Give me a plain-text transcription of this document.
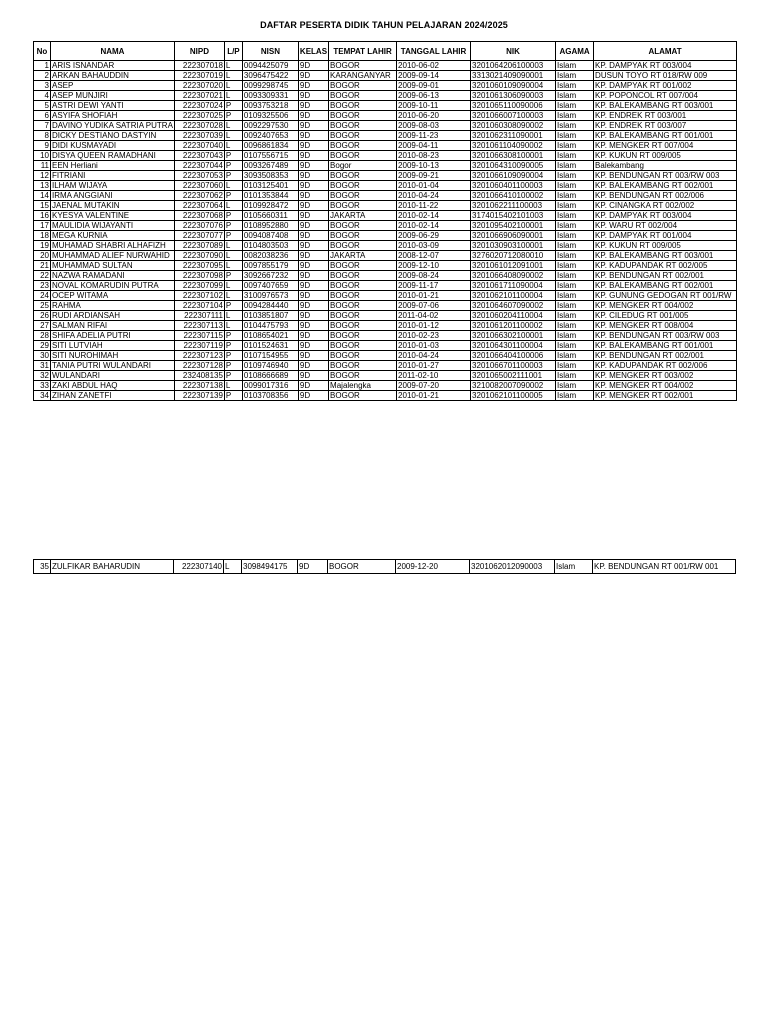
DAFTAR PESERTA DIDIK TAHUN PELAJARAN 2024/2025
No	NAMA	NIPD	L/P	NISN	KELAS	TEMPAT LAHIR	TANGGAL LAHIR	NIK	AGAMA	ALAMAT
1	ARIS ISNANDAR	222307018	L	0094425079	9D	BOGOR	2010-06-02	3201064206100003	Islam	KP. DAMPYAK RT 003/004
2	ARKAN BAHAUDDIN	222307019	L	3096475422	9D	KARANGANYAR	2009-09-14	3313021409090001	Islam	DUSUN TOYO RT 018/RW 009
3	ASEP	222307020	L	0099298745	9D	BOGOR	2009-09-01	3201060109090004	Islam	KP. DAMPYAK RT 001/002
4	ASEP MUNJIRI	222307021	L	0093309331	9D	BOGOR	2009-06-13	3201061306090003	Islam	KP. POPONCOL RT 007/004
5	ASTRI DEWI YANTI	222307024	P	0093753218	9D	BOGOR	2009-10-11	3201065110090006	Islam	KP. BALEKAMBANG RT 003/001
6	ASYIFA SHOFIAH	222307025	P	0109325506	9D	BOGOR	2010-06-20	3201066007100003	Islam	KP. ENDREK RT 003/001
7	DAVINO YUDIKA SATRIA PUTRA	222307028	L	0092297530	9D	BOGOR	2009-08-03	3201060308090002	Islam	KP. ENDREK RT 003/007
8	DICKY DESTIANO DASTYIN	222307039	L	0092407653	9D	BOGOR	2009-11-23	3201062311090001	Islam	KP. BALEKAMBANG RT 001/001
9	DIDI KUSMAYADI	222307040	L	0096861834	9D	BOGOR	2009-04-11	3201061104090002	Islam	KP. MENGKER RT 007/004
10	DISYA QUEEN RAMADHANI	222307043	P	0107556715	9D	BOGOR	2010-08-23	3201066308100001	Islam	KP. KUKUN RT 009/005
11	EEN Herliani	222307044	P	0093267489	9D	Bogor	2009-10-13	3201064310090005	Islam	Balekambang
12	FITRIANI	222307053	P	3093508353	9D	BOGOR	2009-09-21	3201066109090004	Islam	KP. BENDUNGAN RT 003/RW 003
13	ILHAM WIJAYA	222307060	L	0103125401	9D	BOGOR	2010-01-04	3201060401100003	Islam	KP. BALEKAMBANG RT 002/001
14	IRMA ANGGIANI	222307062	P	0101353844	9D	BOGOR	2010-04-24	3201066410100002	Islam	KP. BENDUNGAN RT 002/006
15	JAENAL MUTAKIN	222307064	L	0109928472	9D	BOGOR	2010-11-22	3201062211100003	Islam	KP. CINANGKA RT 002/002
16	KYESYA VALENTINE	222307068	P	0105660311	9D	JAKARTA	2010-02-14	3174015402101003	Islam	KP. DAMPYAK RT 003/004
17	MAULIDIA WIJAYANTI	222307076	P	0108952880	9D	BOGOR	2010-02-14	3201095402100001	Islam	KP. WARU RT 002/004
18	MEGA KURNIA	222307077	P	0094087408	9D	BOGOR	2009-06-29	3201066906090001	Islam	KP. DAMPYAK RT 001/004
19	MUHAMAD SHABRI ALHAFIZH	222307089	L	0104803503	9D	BOGOR	2010-03-09	3201030903100001	Islam	KP. KUKUN RT 009/005
20	MUHAMMAD ALIEF NURWAHID	222307090	L	0082038236	9D	JAKARTA	2008-12-07	3276020712080010	Islam	KP. BALEKAMBANG RT 003/001
21	MUHAMMAD SULTAN	222307095	L	0097855179	9D	BOGOR	2009-12-10	3201061012091001	Islam	KP. KADUPANDAK RT 002/005
22	NAZWA RAMADANI	222307098	P	3092667232	9D	BOGOR	2009-08-24	3201066408090002	Islam	KP. BENDUNGAN RT 002/001
23	NOVAL KOMARUDIN PUTRA	222307099	L	0097407659	9D	BOGOR	2009-11-17	3201061711090004	Islam	KP. BALEKAMBANG RT 002/001
24	OCEP WITAMA	222307102	L	3100976573	9D	BOGOR	2010-01-21	3201062101100004	Islam	KP. GUNUNG GEDOGAN RT 001/RW
25	RAHMA	222307104	P	0094284440	9D	BOGOR	2009-07-06	3201064607090002	Islam	KP. MENGKER RT 004/002
26	RUDI ARDIANSAH	222307111	L	0103851807	9D	BOGOR	2011-04-02	3201060204110004	Islam	KP. CILEDUG RT 001/005
27	SALMAN RIFAI	222307113	L	0104475793	9D	BOGOR	2010-01-12	3201061201100002	Islam	KP. MENGKER RT 008/004
28	SHIFA ADELIA PUTRI	222307115	P	0108654021	9D	BOGOR	2010-02-23	3201066302100001	Islam	KP. BENDUNGAN RT 003/RW 003
29	SITI LUTVIAH	222307119	P	0101524631	9D	BOGOR	2010-01-03	3201064301100004	Islam	KP. BALEKAMBANG RT 001/001
30	SITI NUROHIMAH	222307123	P	0107154955	9D	BOGOR	2010-04-24	3201066404100006	Islam	KP. BENDUNGAN RT 002/001
31	TANIA PUTRI WULANDARI	222307128	P	0109746940	9D	BOGOR	2010-01-27	3201066701100003	Islam	KP. KADUPANDAK RT 002/006
32	WULANDARI	232408135	P	0108666689	9D	BOGOR	2011-02-10	3201065002111001	Islam	KP. MENGKER RT 003/002
33	ZAKI ABDUL HAQ	222307138	L	0099017316	9D	Majalengka	2009-07-20	3210082007090002	Islam	KP. MENGKER RT 004/002
34	ZIHAN ZANETFI	222307139	P	0103708356	9D	BOGOR	2010-01-21	3201062101100005	Islam	KP. MENGKER RT 002/001
35	ZULFIKAR BAHARUDIN	222307140	L	3098494175	9D	BOGOR	2009-12-20	3201062012090003	Islam	KP. BENDUNGAN RT 001/RW 001
